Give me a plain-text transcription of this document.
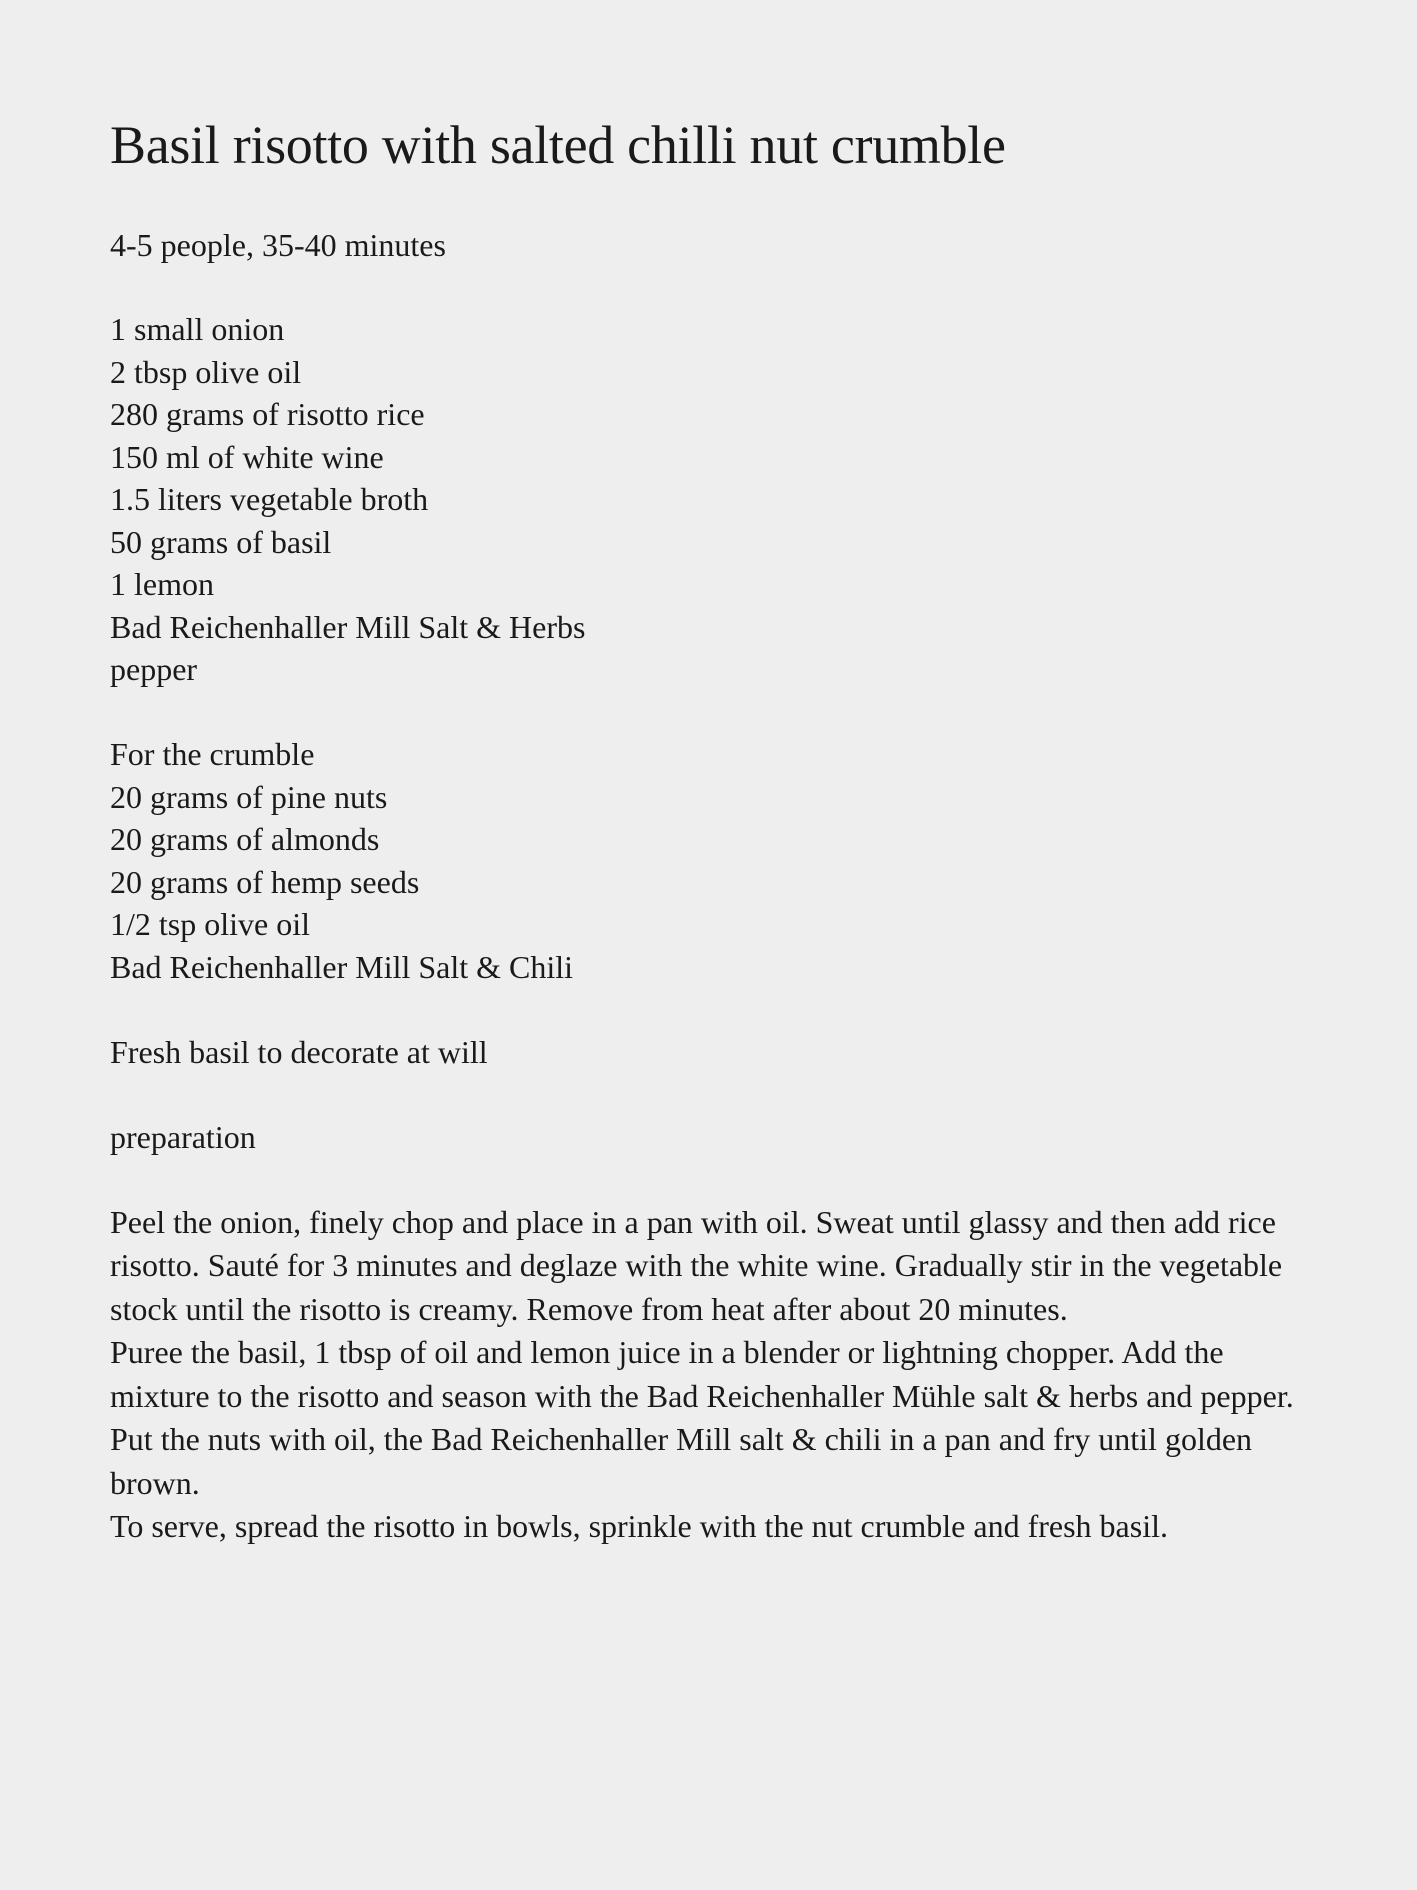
Basil risotto with salted chilli nut crumble
4-5 people, 35-40 minutes
1 small onion
2 tbsp olive oil
280 grams of risotto rice
150 ml of white wine
1.5 liters vegetable broth
50 grams of basil
1 lemon
Bad Reichenhaller Mill Salt & Herbs
pepper
For the crumble
20 grams of pine nuts
20 grams of almonds
20 grams of hemp seeds
1/2 tsp olive oil
Bad Reichenhaller Mill Salt & Chili
Fresh basil to decorate at will
preparation
Peel the onion, finely chop and place in a pan with oil. Sweat until glassy and then add rice risotto. Sauté for 3 minutes and deglaze with the white wine. Gradually stir in the vegetable stock until the risotto is creamy. Remove from heat after about 20 minutes.
Puree the basil, 1 tbsp of oil and lemon juice in a blender or lightning chopper. Add the mixture to the risotto and season with the Bad Reichenhaller Mühle salt & herbs and pepper.
Put the nuts with oil, the Bad Reichenhaller Mill salt & chili in a pan and fry until golden brown.
To serve, spread the risotto in bowls, sprinkle with the nut crumble and fresh basil.
